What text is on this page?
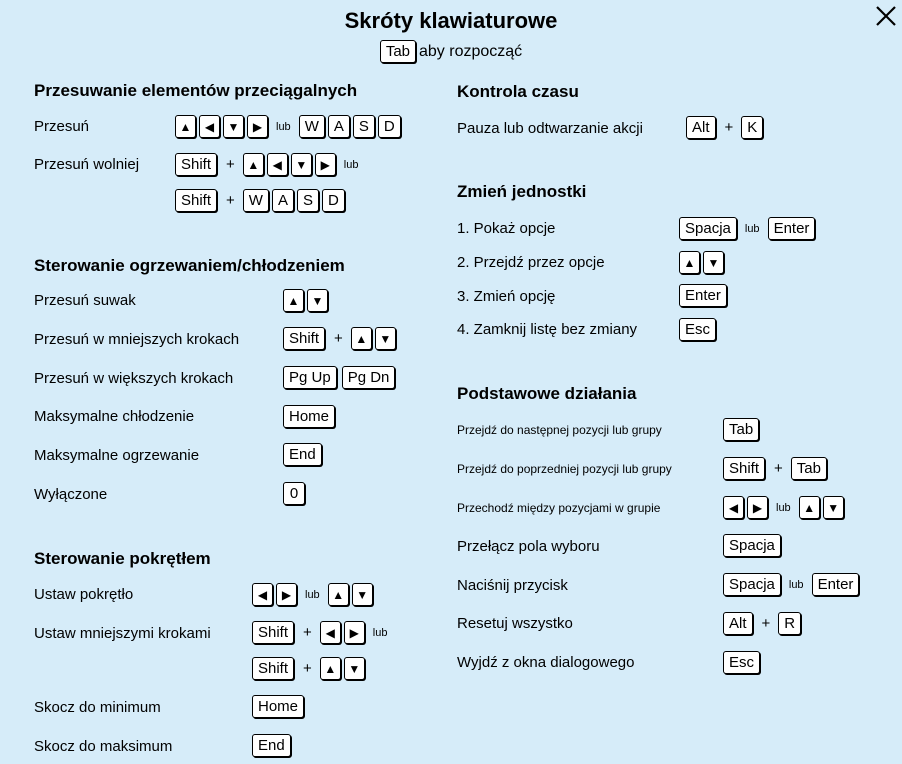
Skróty klawiaturowe
Tab aby rozpocząć
Przesuwanie elementów przeciągalnych
Przesuń	▲	◀	▼	▶	lub W	A	S	D
Przesuń wolniej	Shift	+	▲	◀	▼	▶	lub
Shift	+ W	A	S	D
Sterowanie ogrzewaniem/chłodzeniem
Przesuń suwak	▲	▼
Przesuń w mniejszych krokach	Shift	+	▲	▼
Przesuń w większych krokach	Pg Up	Pg Dn
Maksymalne chłodzenie	Home
Maksymalne ogrzewanie	End
Wyłączone	0
Sterowanie pokrętłem
Ustaw pokrętło	◀	▶	lub	▲	▼
Ustaw mniejszymi krokami	Shift	+	◀	▶	lub
Shift	+	▲	▼
Skocz do minimum	Home
Skocz do maksimum	End
Kontrola czasu
Pauza lub odtwarzanie akcji	Alt	+ K
Zmień jednostki
1. Pokaż opcje	Spacja	lub Enter
2. Przejdź przez opcje	▲	▼
3. Zmień opcję	Enter
4. Zamknij listę bez zmiany	Esc
Podstawowe działania
Przejdź do następnej pozycji lub grupy	Tab
Przejdź do poprzedniej pozycji lub grupy	Shift	+ Tab
Przechodź między pozycjami w grupie	◀	▶	lub	▲	▼
Przełącz pola wyboru	Spacja
Naciśnij przycisk	Spacja	lub Enter
Resetuj wszystko	Alt	+ R
Wyjdź z okna dialogowego	Esc
